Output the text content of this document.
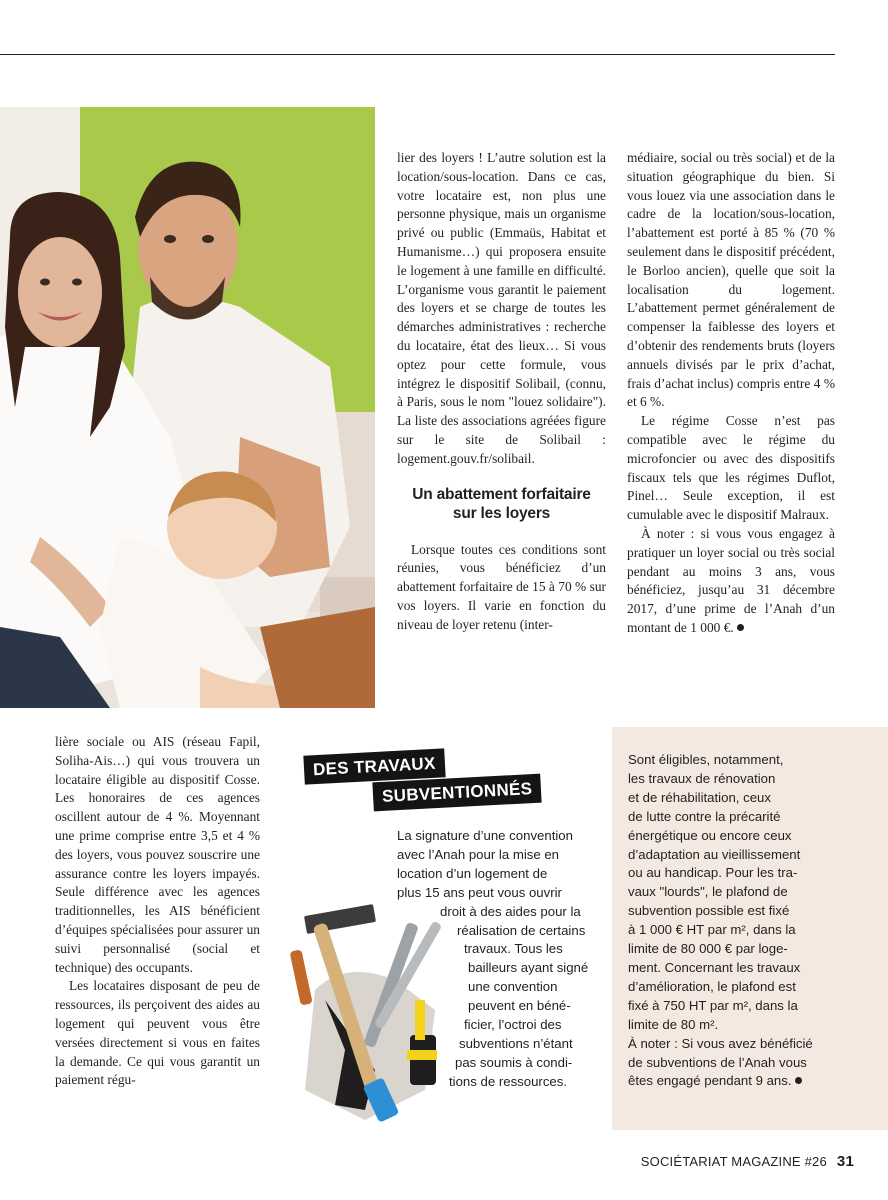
lier des loyers ! L’autre solution est la location/sous-location. Dans ce cas, votre locataire est, non plus une personne physique, mais un organisme privé ou public (Emmaüs, Habitat et Humanisme…) qui proposera ensuite le logement à une famille en difficulté. L’organisme vous garantit le paiement des loyers et se charge de toutes les démarches administratives : recherche du locataire, état des lieux… Si vous optez pour cette formule, vous intégrez le dispositif Solibail, (connu, à Paris, sous le nom "louez solidaire"). La liste des associations agréées figure sur le site de Solibail : logement.gouv.fr/solibail.

Un abattement forfaitaire
sur les loyers

Lorsque toutes ces conditions sont réunies, vous bénéficiez d’un abattement forfaitaire de 15 à 70 % sur vos loyers. Il varie en fonction du niveau de loyer retenu (inter-

médiaire, social ou très social) et de la situation géographique du bien. Si vous louez via une association dans le cadre de la location/sous-location, l’abattement est porté à 85 % (70 % seulement dans le dispositif précédent, le Borloo ancien), quelle que soit la localisation du logement. L’abattement permet généralement de compenser la faiblesse des loyers et d’obtenir des rendements bruts (loyers annuels divisés par le prix d’achat, frais d’achat inclus) compris entre 4 % et 6 %.

Le régime Cosse n’est pas compatible avec le régime du microfoncier ou avec des dispositifs fiscaux tels que les régimes Duflot, Pinel… Seule exception, il est cumulable avec le dispositif Malraux.

À noter : si vous vous engagez à pratiquer un loyer social ou très social pendant au moins 3 ans, vous bénéficiez, jusqu’au 31 décembre 2017, d’une prime de l’Anah d’un montant de 1 000 €.

lière sociale ou AIS (réseau Fapil, Soliha-Ais…) qui vous trouvera un locataire éligible au dispositif Cosse. Les honoraires de ces agences oscillent autour de 4 %. Moyennant une prime comprise entre 3,5 et 4 % des loyers, vous pouvez souscrire une assurance contre les loyers impayés. Seule différence avec les agences traditionnelles, les AIS bénéficient d’équipes spécialisées pour assurer un suivi personnalisé (social et technique) des occupants.

Les locataires disposant de peu de ressources, ils perçoivent des aides au logement qui peuvent vous être versées directement si vous en faites la demande. Ce qui vous garantit un paiement régu-

DES TRAVAUX
SUBVENTIONNÉS
La signature d’une convention
avec l’Anah pour la mise en
location d’un logement de
plus 15 ans peut vous ouvrir
droit à des aides pour la
réalisation de certains
travaux. Tous les
bailleurs ayant signé
une convention
peuvent en béné-
ficier, l’octroi des
subventions n’étant
pas soumis à condi-
tions de ressources.
Sont éligibles, notamment,
les travaux de rénovation
et de réhabilitation, ceux
de lutte contre la précarité
énergétique ou encore ceux
d’adaptation au vieillissement
ou au handicap. Pour les tra-
vaux "lourds", le plafond de
subvention possible est fixé
à 1 000 € HT par m², dans la
limite de 80 000 € par loge-
ment. Concernant les travaux
d’amélioration, le plafond est
fixé à 750 HT par m², dans la
limite de 80 m².
À noter : Si vous avez bénéficié
de subventions de l’Anah vous
êtes engagé pendant 9 ans.
SOCIÉTARIAT MAGAZINE #26 31
